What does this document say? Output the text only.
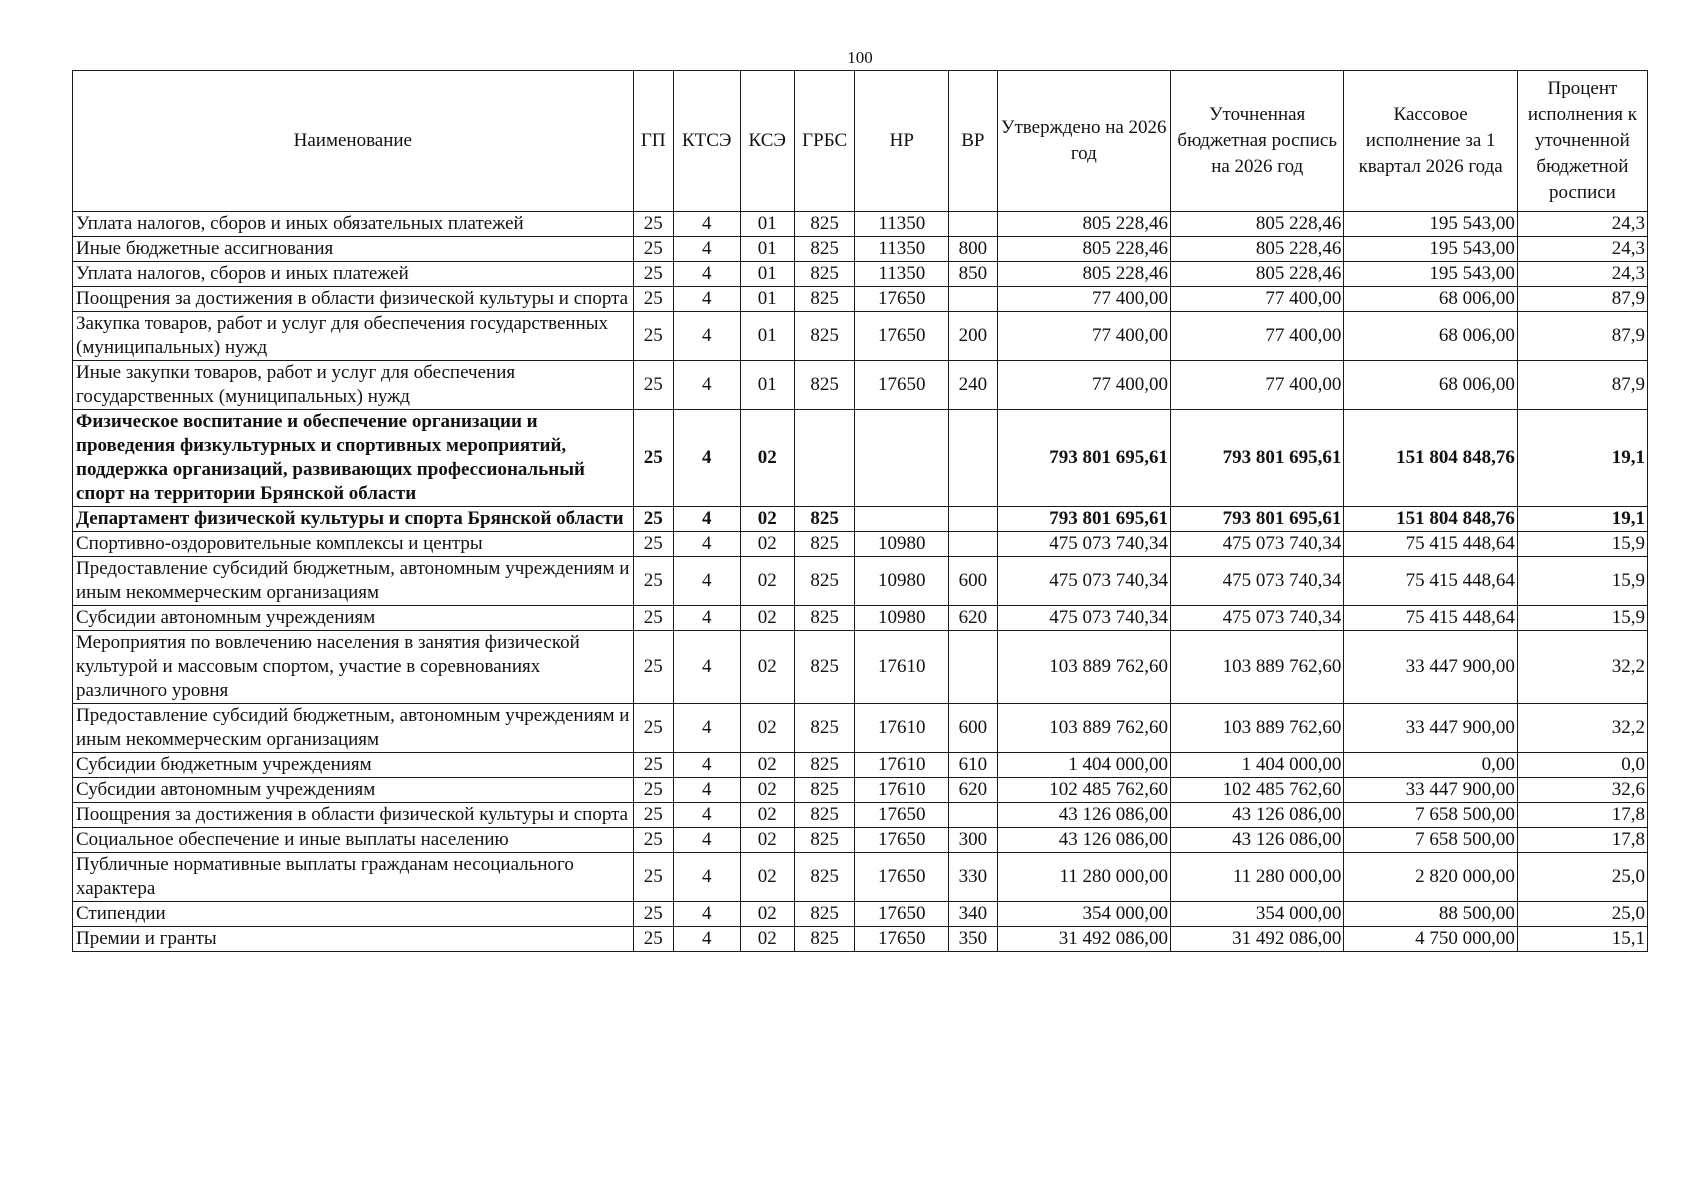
100
Наименование	ГП	КТСЭ	КСЭ	ГРБС	НР	ВР	Утверждено на 2026 год	Уточненная бюджетная роспись на 2026 год	Кассовое исполнение за 1 квартал 2026 года	Процент исполнения к уточненной бюджетной росписи
Уплата налогов, сборов и иных обязательных платежей	25	4	01	825	11350		805 228,46	805 228,46	195 543,00	24,3
Иные бюджетные ассигнования	25	4	01	825	11350	800	805 228,46	805 228,46	195 543,00	24,3
Уплата налогов, сборов и иных платежей	25	4	01	825	11350	850	805 228,46	805 228,46	195 543,00	24,3
Поощрения за достижения в области физической культуры и спорта	25	4	01	825	17650		77 400,00	77 400,00	68 006,00	87,9
Закупка товаров, работ и услуг для обеспечения государственных (муниципальных) нужд	25	4	01	825	17650	200	77 400,00	77 400,00	68 006,00	87,9
Иные закупки товаров, работ и услуг для обеспечения государственных (муниципальных) нужд	25	4	01	825	17650	240	77 400,00	77 400,00	68 006,00	87,9
Физическое воспитание и обеспечение организации и проведения физкультурных и спортивных мероприятий, поддержка организаций, развивающих профессиональный спорт на территории Брянской области	25	4	02				793 801 695,61	793 801 695,61	151 804 848,76	19,1
Департамент физической культуры и спорта Брянской области	25	4	02	825			793 801 695,61	793 801 695,61	151 804 848,76	19,1
Спортивно-оздоровительные комплексы и центры	25	4	02	825	10980		475 073 740,34	475 073 740,34	75 415 448,64	15,9
Предоставление субсидий бюджетным, автономным учреждениям и иным некоммерческим организациям	25	4	02	825	10980	600	475 073 740,34	475 073 740,34	75 415 448,64	15,9
Субсидии автономным учреждениям	25	4	02	825	10980	620	475 073 740,34	475 073 740,34	75 415 448,64	15,9
Мероприятия по вовлечению населения в занятия физической культурой и массовым спортом, участие в соревнованиях различного уровня	25	4	02	825	17610		103 889 762,60	103 889 762,60	33 447 900,00	32,2
Предоставление субсидий бюджетным, автономным учреждениям и иным некоммерческим организациям	25	4	02	825	17610	600	103 889 762,60	103 889 762,60	33 447 900,00	32,2
Субсидии бюджетным учреждениям	25	4	02	825	17610	610	1 404 000,00	1 404 000,00	0,00	0,0
Субсидии автономным учреждениям	25	4	02	825	17610	620	102 485 762,60	102 485 762,60	33 447 900,00	32,6
Поощрения за достижения в области физической культуры и спорта	25	4	02	825	17650		43 126 086,00	43 126 086,00	7 658 500,00	17,8
Социальное обеспечение и иные выплаты населению	25	4	02	825	17650	300	43 126 086,00	43 126 086,00	7 658 500,00	17,8
Публичные нормативные выплаты гражданам несоциального характера	25	4	02	825	17650	330	11 280 000,00	11 280 000,00	2 820 000,00	25,0
Стипендии	25	4	02	825	17650	340	354 000,00	354 000,00	88 500,00	25,0
Премии и гранты	25	4	02	825	17650	350	31 492 086,00	31 492 086,00	4 750 000,00	15,1
